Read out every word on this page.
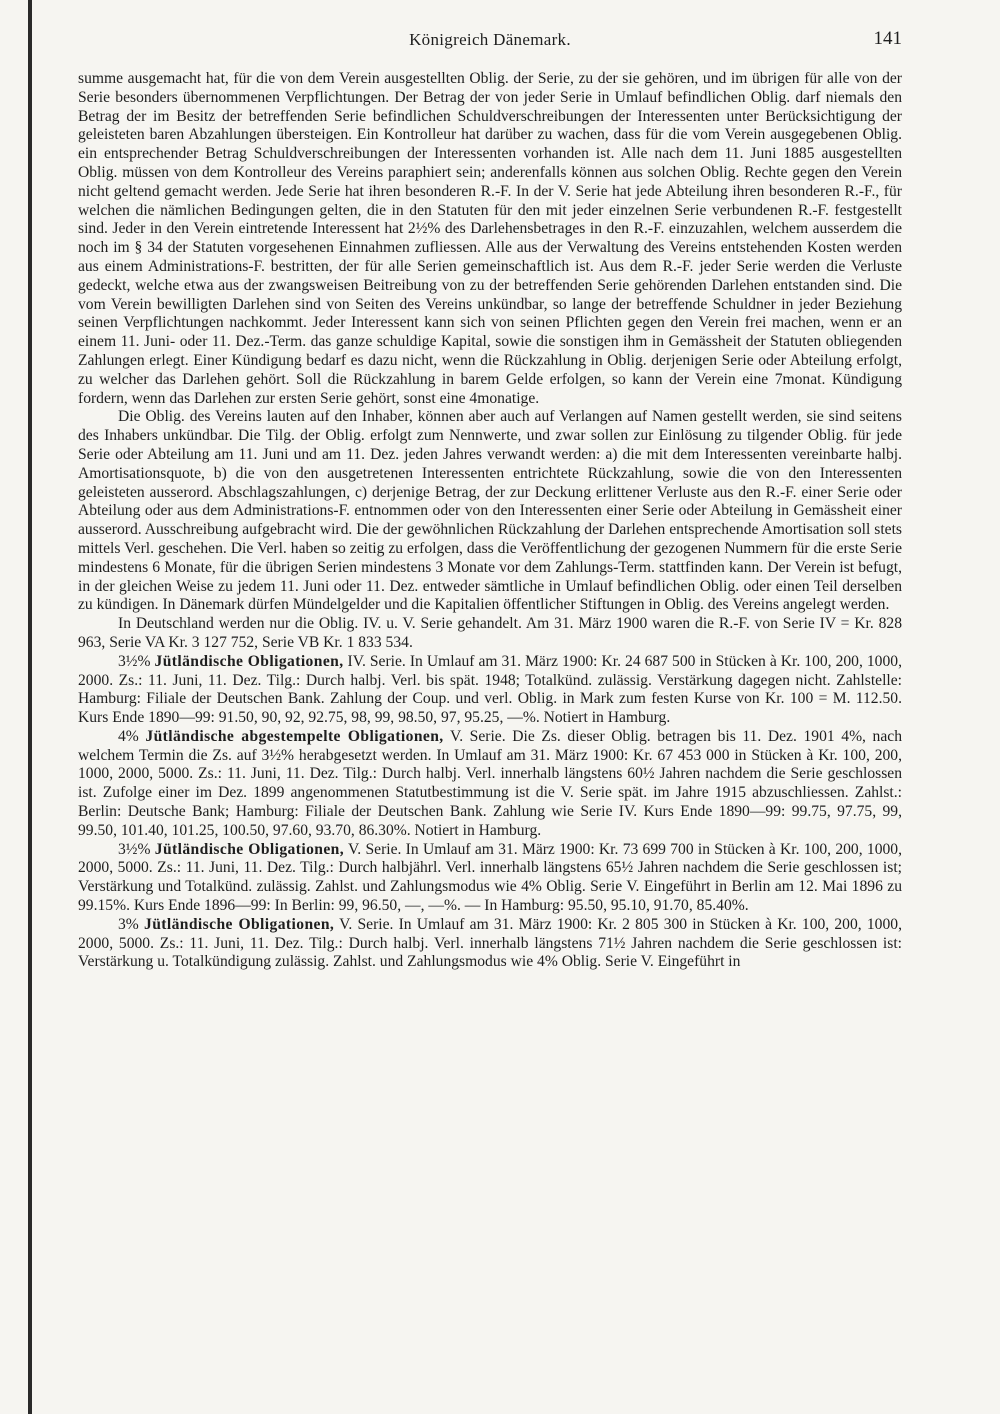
Königreich Dänemark.	141

summe ausgemacht hat, für die von dem Verein ausgestellten Oblig. der Serie, zu der sie gehören, und im übrigen für alle von der Serie besonders übernommenen Verpflichtungen. Der Betrag der von jeder Serie in Umlauf befindlichen Oblig. darf niemals den Betrag der im Besitz der betreffenden Serie befindlichen Schuldverschreibungen der Interessenten unter Berücksichtigung der geleisteten baren Abzahlungen übersteigen. Ein Kontrolleur hat darüber zu wachen, dass für die vom Verein ausgegebenen Oblig. ein entsprechender Betrag Schuldverschreibungen der Interessenten vorhanden ist. Alle nach dem 11. Juni 1885 ausgestellten Oblig. müssen von dem Kontrolleur des Vereins paraphiert sein; anderenfalls können aus solchen Oblig. Rechte gegen den Verein nicht geltend gemacht werden. Jede Serie hat ihren besonderen R.-F. In der V. Serie hat jede Abteilung ihren besonderen R.-F., für welchen die nämlichen Bedingungen gelten, die in den Statuten für den mit jeder einzelnen Serie verbundenen R.-F. festgestellt sind. Jeder in den Verein eintretende Interessent hat 2½% des Darlehensbetrages in den R.-F. einzuzahlen, welchem ausserdem die noch im § 34 der Statuten vorgesehenen Einnahmen zufliessen. Alle aus der Verwaltung des Vereins entstehenden Kosten werden aus einem Administrations-F. bestritten, der für alle Serien gemeinschaftlich ist. Aus dem R.-F. jeder Serie werden die Verluste gedeckt, welche etwa aus der zwangsweisen Beitreibung von zu der betreffenden Serie gehörenden Darlehen entstanden sind. Die vom Verein bewilligten Darlehen sind von Seiten des Vereins unkündbar, so lange der betreffende Schuldner in jeder Beziehung seinen Verpflichtungen nachkommt. Jeder Interessent kann sich von seinen Pflichten gegen den Verein frei machen, wenn er an einem 11. Juni- oder 11. Dez.-Term. das ganze schuldige Kapital, sowie die sonstigen ihm in Gemässheit der Statuten obliegenden Zahlungen erlegt. Einer Kündigung bedarf es dazu nicht, wenn die Rückzahlung in Oblig. derjenigen Serie oder Abteilung erfolgt, zu welcher das Darlehen gehört. Soll die Rückzahlung in barem Gelde erfolgen, so kann der Verein eine 7monat. Kündigung fordern, wenn das Darlehen zur ersten Serie gehört, sonst eine 4monatige.

Die Oblig. des Vereins lauten auf den Inhaber, können aber auch auf Verlangen auf Namen gestellt werden, sie sind seitens des Inhabers unkündbar. Die Tilg. der Oblig. erfolgt zum Nennwerte, und zwar sollen zur Einlösung zu tilgender Oblig. für jede Serie oder Abteilung am 11. Juni und am 11. Dez. jeden Jahres verwandt werden: a) die mit dem Interessenten vereinbarte halbj. Amortisationsquote, b) die von den ausgetretenen Interessenten entrichtete Rückzahlung, sowie die von den Interessenten geleisteten ausserord. Abschlagszahlungen, c) derjenige Betrag, der zur Deckung erlittener Verluste aus den R.-F. einer Serie oder Abteilung oder aus dem Administrations-F. entnommen oder von den Interessenten einer Serie oder Abteilung in Gemässheit einer ausserord. Ausschreibung aufgebracht wird. Die der gewöhnlichen Rückzahlung der Darlehen entsprechende Amortisation soll stets mittels Verl. geschehen. Die Verl. haben so zeitig zu erfolgen, dass die Veröffentlichung der gezogenen Nummern für die erste Serie mindestens 6 Monate, für die übrigen Serien mindestens 3 Monate vor dem Zahlungs-Term. stattfinden kann. Der Verein ist befugt, in der gleichen Weise zu jedem 11. Juni oder 11. Dez. entweder sämtliche in Umlauf befindlichen Oblig. oder einen Teil derselben zu kündigen. In Dänemark dürfen Mündelgelder und die Kapitalien öffentlicher Stiftungen in Oblig. des Vereins angelegt werden.

In Deutschland werden nur die Oblig. IV. u. V. Serie gehandelt. Am 31. März 1900 waren die R.-F. von Serie IV = Kr. 828 963, Serie VA Kr. 3 127 752, Serie VB Kr. 1 833 534.

3½% Jütländische Obligationen, IV. Serie. In Umlauf am 31. März 1900: Kr. 24 687 500 in Stücken à Kr. 100, 200, 1000, 2000. Zs.: 11. Juni, 11. Dez. Tilg.: Durch halbj. Verl. bis spät. 1948; Totalkünd. zulässig. Verstärkung dagegen nicht. Zahlstelle: Hamburg: Filiale der Deutschen Bank. Zahlung der Coup. und verl. Oblig. in Mark zum festen Kurse von Kr. 100 = M. 112.50. Kurs Ende 1890—99: 91.50, 90, 92, 92.75, 98, 99, 98.50, 97, 95.25, —%. Notiert in Hamburg.

4% Jütländische abgestempelte Obligationen, V. Serie. Die Zs. dieser Oblig. betragen bis 11. Dez. 1901 4%, nach welchem Termin die Zs. auf 3½% herabgesetzt werden. In Umlauf am 31. März 1900: Kr. 67 453 000 in Stücken à Kr. 100, 200, 1000, 2000, 5000. Zs.: 11. Juni, 11. Dez. Tilg.: Durch halbj. Verl. innerhalb längstens 60½ Jahren nachdem die Serie geschlossen ist. Zufolge einer im Dez. 1899 angenommenen Statutbestimmung ist die V. Serie spät. im Jahre 1915 abzuschliessen. Zahlst.: Berlin: Deutsche Bank; Hamburg: Filiale der Deutschen Bank. Zahlung wie Serie IV. Kurs Ende 1890—99: 99.75, 97.75, 99, 99.50, 101.40, 101.25, 100.50, 97.60, 93.70, 86.30%. Notiert in Hamburg.

3½% Jütländische Obligationen, V. Serie. In Umlauf am 31. März 1900: Kr. 73 699 700 in Stücken à Kr. 100, 200, 1000, 2000, 5000. Zs.: 11. Juni, 11. Dez. Tilg.: Durch halbjährl. Verl. innerhalb längstens 65½ Jahren nachdem die Serie geschlossen ist; Verstärkung und Totalkünd. zulässig. Zahlst. und Zahlungsmodus wie 4% Oblig. Serie V. Eingeführt in Berlin am 12. Mai 1896 zu 99.15%. Kurs Ende 1896—99: In Berlin: 99, 96.50, —, —%. — In Hamburg: 95.50, 95.10, 91.70, 85.40%.

3% Jütländische Obligationen, V. Serie. In Umlauf am 31. März 1900: Kr. 2 805 300 in Stücken à Kr. 100, 200, 1000, 2000, 5000. Zs.: 11. Juni, 11. Dez. Tilg.: Durch halbj. Verl. innerhalb längstens 71½ Jahren nachdem die Serie geschlossen ist: Verstärkung u. Totalkündigung zulässig. Zahlst. und Zahlungsmodus wie 4% Oblig. Serie V. Eingeführt in
